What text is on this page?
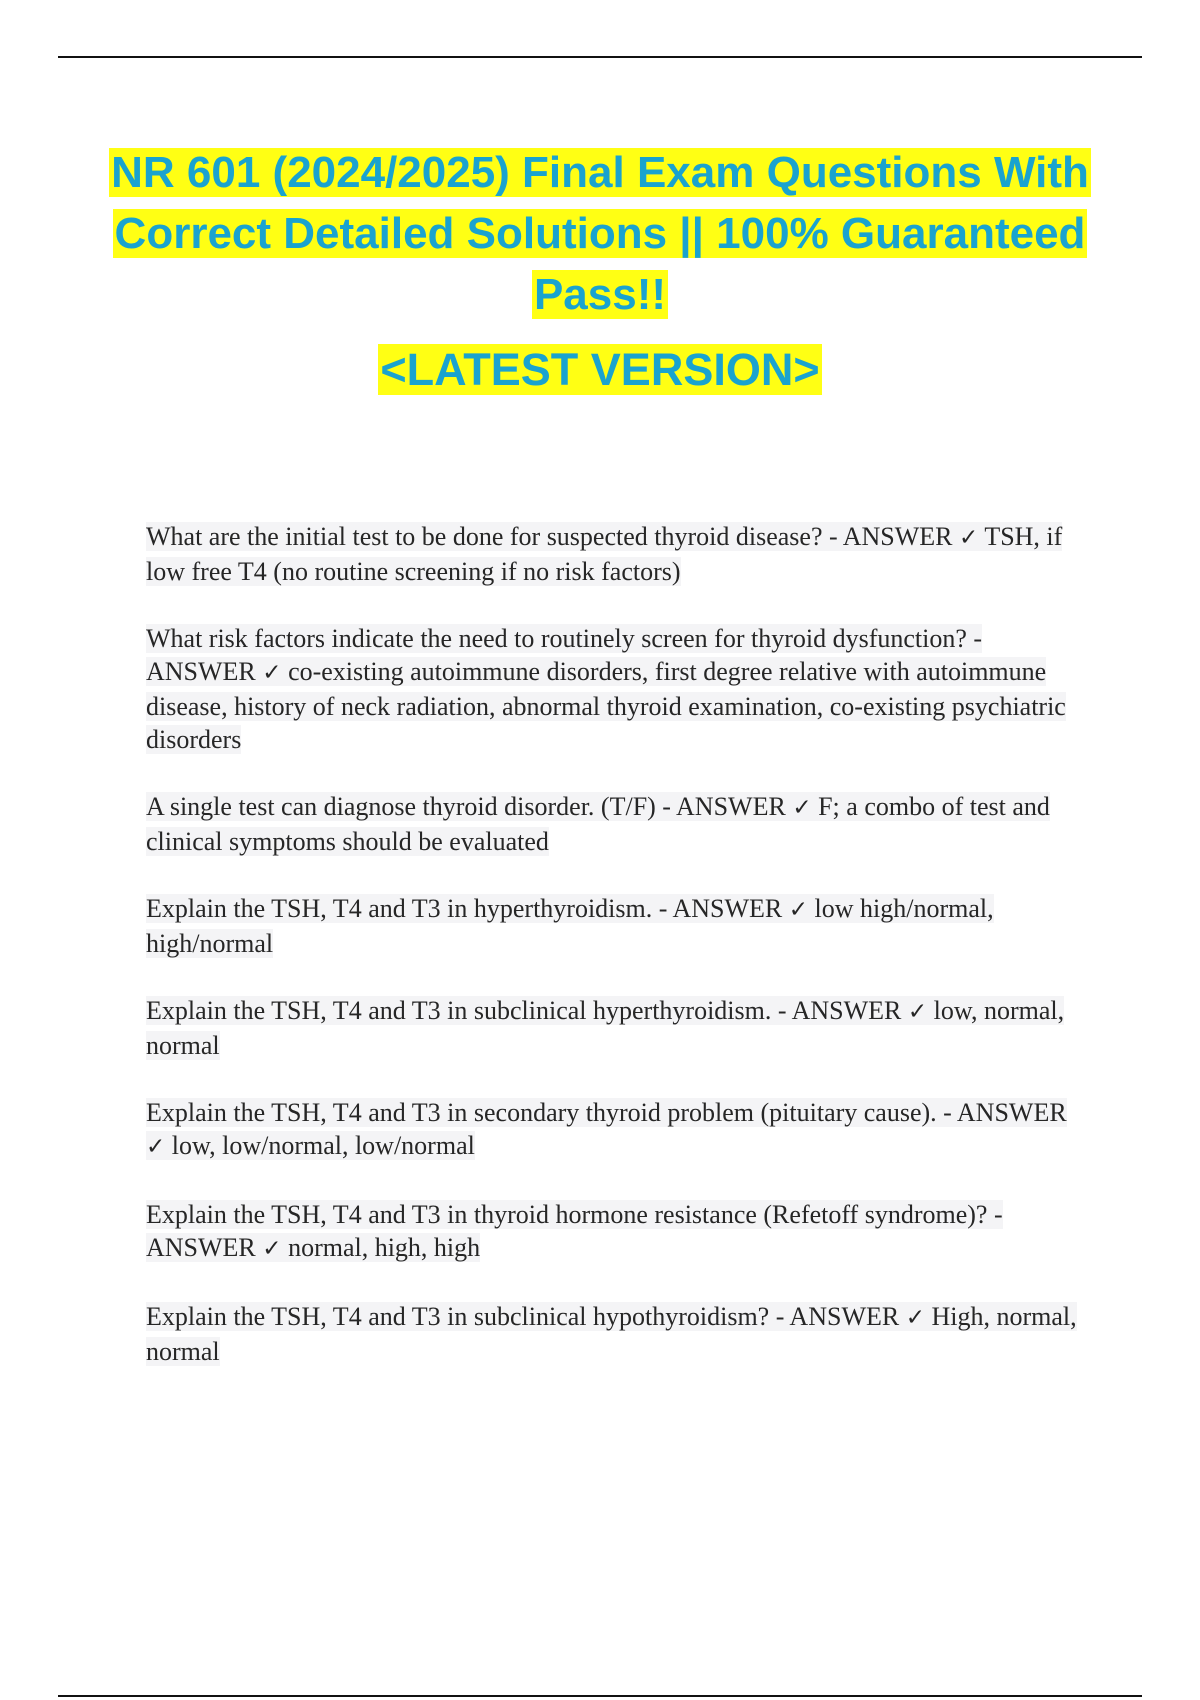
NR 601 (2024/2025) Final Exam Questions With Correct Detailed Solutions || 100% Guaranteed Pass!!

<LATEST VERSION>

What are the initial test to be done for suspected thyroid disease? - ANSWER ✓ TSH, if low free T4 (no routine screening if no risk factors)

What risk factors indicate the need to routinely screen for thyroid dysfunction? - ANSWER ✓ co-existing autoimmune disorders, first degree relative with autoimmune disease, history of neck radiation, abnormal thyroid examination, co-existing psychiatric disorders

A single test can diagnose thyroid disorder. (T/F) - ANSWER ✓ F; a combo of test and clinical symptoms should be evaluated

Explain the TSH, T4 and T3 in hyperthyroidism. - ANSWER ✓ low high/normal, high/normal

Explain the TSH, T4 and T3 in subclinical hyperthyroidism. - ANSWER ✓ low, normal, normal

Explain the TSH, T4 and T3 in secondary thyroid problem (pituitary cause). - ANSWER ✓ low, low/normal, low/normal

Explain the TSH, T4 and T3 in thyroid hormone resistance (Refetoff syndrome)? - ANSWER ✓ normal, high, high

Explain the TSH, T4 and T3 in subclinical hypothyroidism? - ANSWER ✓ High, normal, normal
